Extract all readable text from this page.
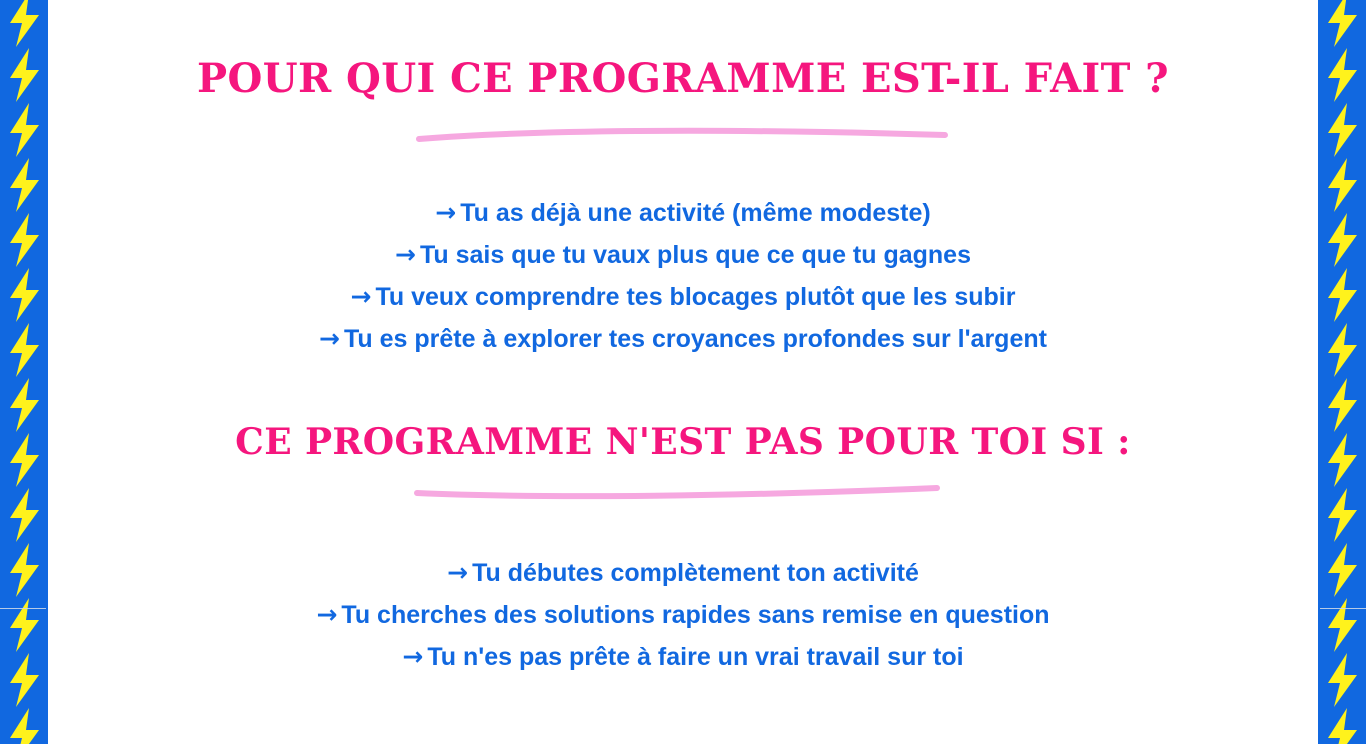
POUR QUI CE PROGRAMME EST-IL FAIT ?
→ Tu as déjà une activité (même modeste)
→ Tu sais que tu vaux plus que ce que tu gagnes
→ Tu veux comprendre tes blocages plutôt que les subir
→ Tu es prête à explorer tes croyances profondes sur l'argent
CE PROGRAMME N'EST PAS POUR TOI SI :
→ Tu débutes complètement ton activité
→ Tu cherches des solutions rapides sans remise en question
→ Tu n'es pas prête à faire un vrai travail sur toi
